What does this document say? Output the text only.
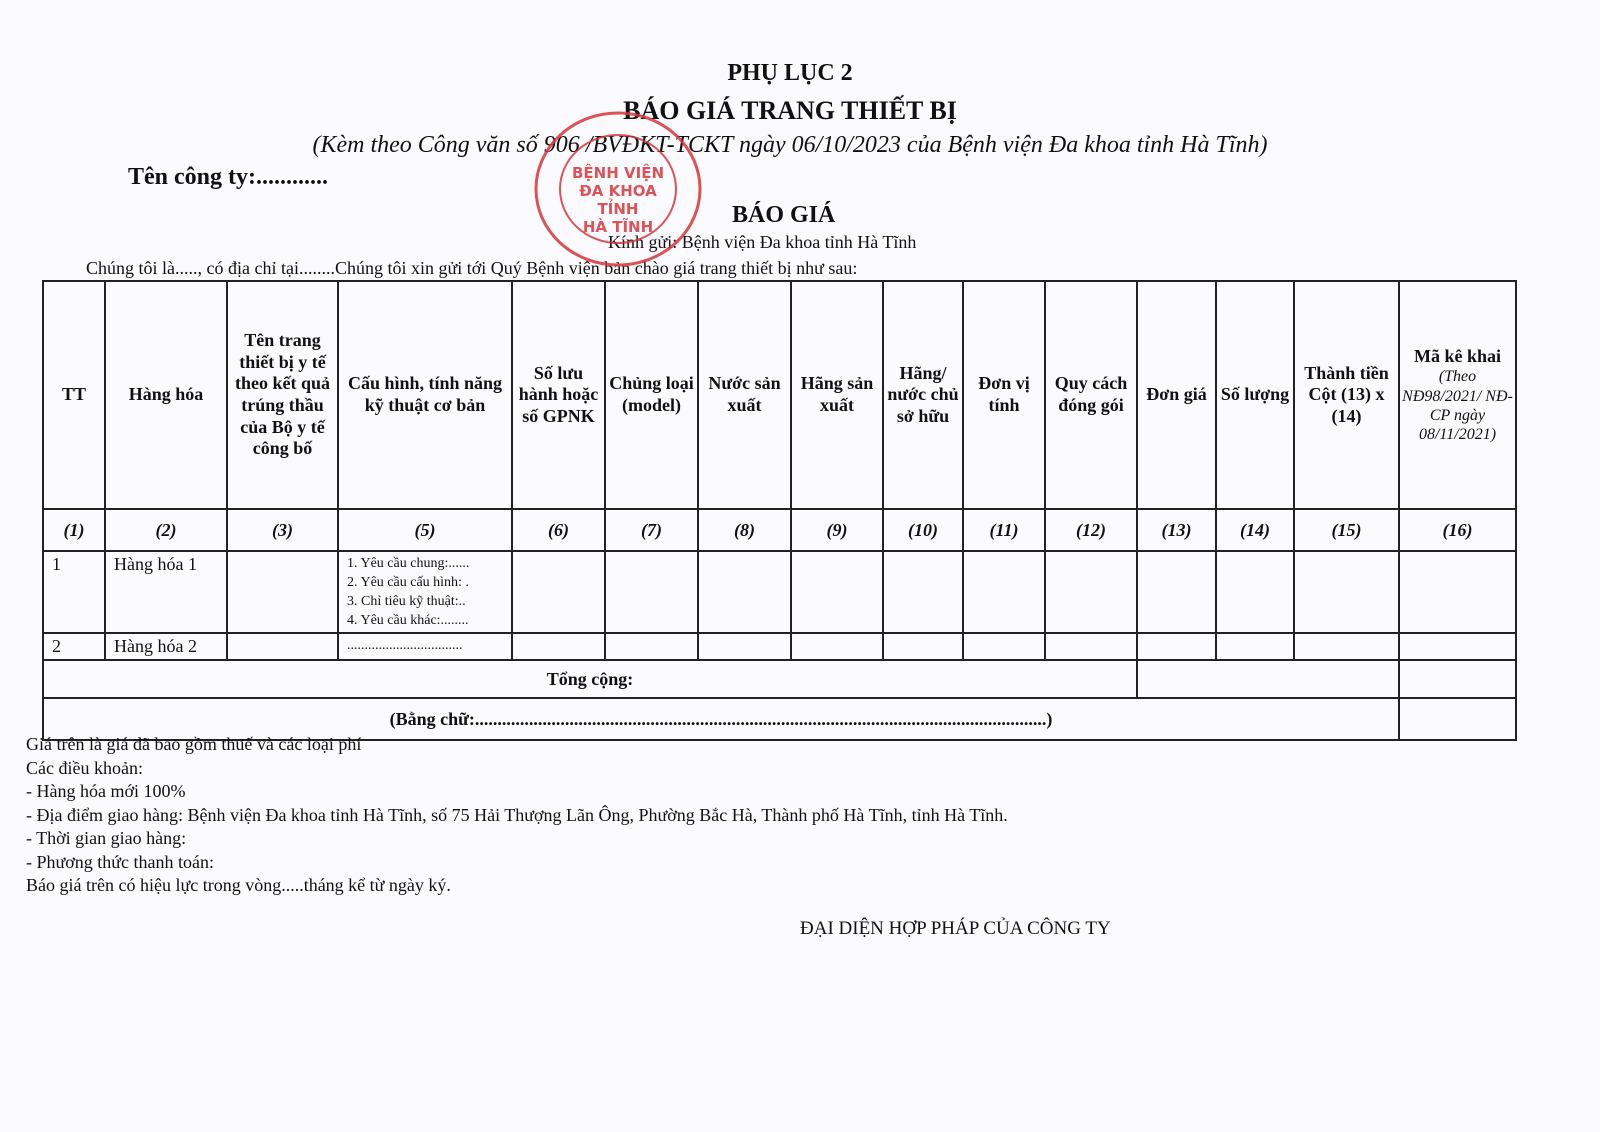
PHỤ LỤC 2
BÁO GIÁ TRANG THIẾT BỊ
(Kèm theo Công văn số 906 /BVĐKT-TCKT ngày 06/10/2023 của Bệnh viện Đa khoa tỉnh Hà Tĩnh)
Tên công ty:............
BÁO GIÁ
Kính gửi: Bệnh viện Đa khoa tỉnh Hà Tĩnh
Chúng tôi là....., có địa chỉ tại........Chúng tôi xin gửi tới Quý Bệnh viện bản chào giá trang thiết bị như sau:
TT	Hàng hóa	Tên trang thiết bị y tế theo kết quả trúng thầu của Bộ y tế công bố	Cấu hình, tính năng kỹ thuật cơ bản	Số lưu hành hoặc số GPNK	Chủng loại (model)	Nước sản xuất	Hãng sản xuất	Hãng/ nước chủ sở hữu	Đơn vị tính	Quy cách đóng gói	Đơn giá	Số lượng	Thành tiền Cột (13) x (14)	Mã kê khai
(Theo NĐ98/2021/ NĐ-CP ngày 08/11/2021)

(1)	(2)	(3)	(5)	(6)	(7)	(8)	(9)	(10)	(11)	(12)	(13)	(14)	(15)	(16)
1	Hàng hóa 1		1. Yêu cầu chung:......
2. Yêu cầu cấu hình: .
3. Chỉ tiêu kỹ thuật:..
4. Yêu cầu khác:........											

2	Hàng hóa 2		.................................											
Tổng cộng:														
(Bằng chữ:...............................................................................................................................)														
BỆNH VIỆN
ĐA KHOA
TỈNH
HÀ TĨNH
Giá trên là giá đã bao gồm thuế và các loại phí
Các điều khoản:
- Hàng hóa mới 100%
- Địa điểm giao hàng: Bệnh viện Đa khoa tỉnh Hà Tĩnh, số 75 Hải Thượng Lãn Ông, Phường Bắc Hà, Thành phố Hà Tĩnh, tỉnh Hà Tĩnh.
- Thời gian giao hàng:
- Phương thức thanh toán:
Báo giá trên có hiệu lực trong vòng.....tháng kể từ ngày ký.
ĐẠI DIỆN HỢP PHÁP CỦA CÔNG TY
